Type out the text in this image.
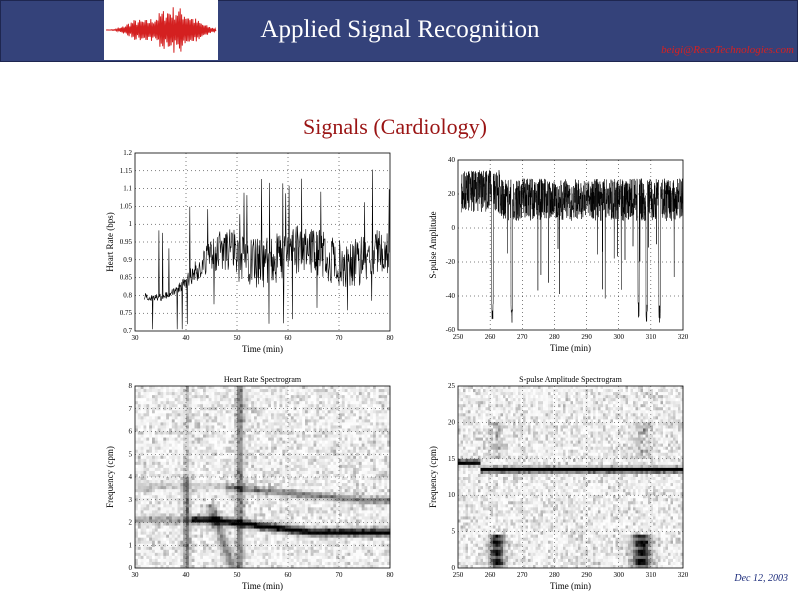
Applied Signal Recognition
beigi@RecoTechnologies.com
Signals (Cardiology)
30	40	50	60	70	80
1.2
1.15
1.1
1.05
1
0.95
0.9
0.85
0.8
0.75
0.7
Time (min)
Heart Rate (bps)
250	260	270	280	290	300	310	320
40
20
0
-20
-40
-60
Time (min)
S-pulse Amplitude
30	40	50	60	70	80
8
7
6
5
4
3
2
1
0
Time (min)
Frequency (cpm)
Heart Rate Spectrogram
250	260	270	280	290	300	310	320
25
20
15
10
5
0
Time (min)
Frequency (cpm)
S-pulse Amplitude Spectrogram
Dec 12, 2003
